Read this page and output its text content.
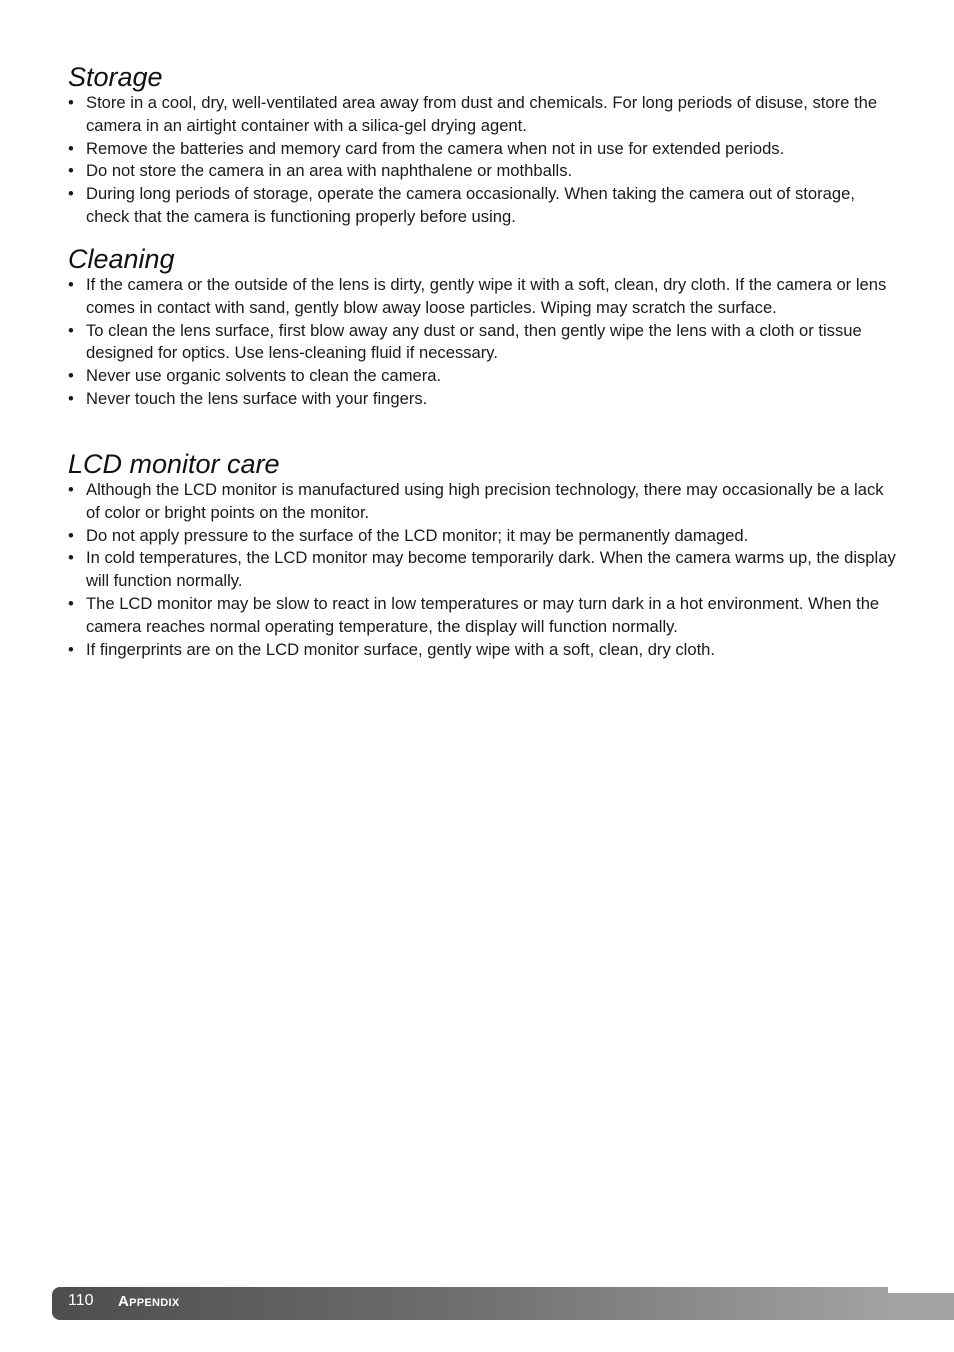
Storage
• Store in a cool, dry, well-ventilated area away from dust and chemicals. For long periods of disuse, store the camera in an airtight container with a silica-gel drying agent.
• Remove the batteries and memory card from the camera when not in use for extended periods.
• Do not store the camera in an area with naphthalene or mothballs.
• During long periods of storage, operate the camera occasionally. When taking the camera out of storage, check that the camera is functioning properly before using.
Cleaning
• If the camera or the outside of the lens is dirty, gently wipe it with a soft, clean, dry cloth. If the camera or lens comes in contact with sand, gently blow away loose particles. Wiping may scratch the surface.
• To clean the lens surface, first blow away any dust or sand, then gently wipe the lens with a cloth or tissue designed for optics. Use lens-cleaning fluid if necessary.
• Never use organic solvents to clean the camera.
• Never touch the lens surface with your fingers.
LCD monitor care
• Although the LCD monitor is manufactured using high precision technology, there may occasionally be a lack of color or bright points on the monitor.
• Do not apply pressure to the surface of the LCD monitor; it may be permanently damaged.
• In cold temperatures, the LCD monitor may become temporarily dark. When the camera warms up, the display will function normally.
• The LCD monitor may be slow to react in low temperatures or may turn dark in a hot environment. When the camera reaches normal operating temperature, the display will function normally.
• If fingerprints are on the LCD monitor surface, gently wipe with a soft, clean, dry cloth.
110 Appendix
